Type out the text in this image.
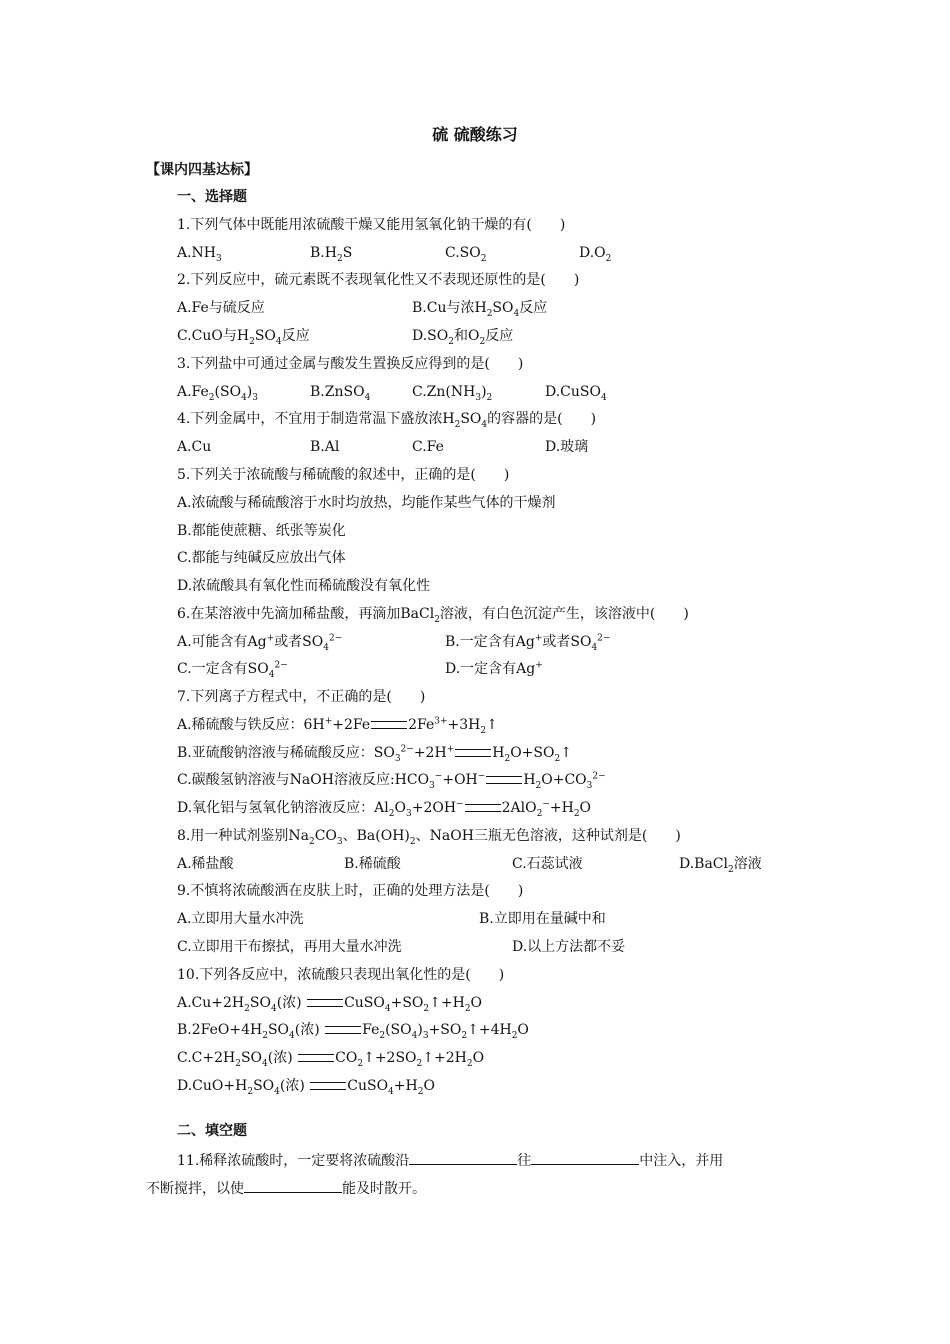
硫 硫酸练习
【课内四基达标】
一、选择题
1.下列气体中既能用浓硫酸干燥又能用氢氧化钠干燥的有(　　)
$A.NH_3$	$B.H_2S$	$C.SO_2$	$D.O_2$
2.下列反应中，硫元素既不表现氧化性又不表现还原性的是(　　)
A.Fe与硫反应	B.Cu与浓$H_2SO_4$反应
C.CuO与$H_2SO_4$反应	$D.SO_2$和$O_2$反应
3.下列盐中可通过金属与酸发生置换反应得到的是(　　)
$A.Fe_2(SO_4)_3$	B.ZnSO$_4$	$C.Zn(NH_3)_2$	D.CuSO$_4$
4.下列金属中，不宜用于制造常温下盛放浓$H_2SO_4$的容器的是(　　)
A.Cu	B.Al	C.Fe	D.玻璃
5.下列关于浓硫酸与稀硫酸的叙述中，正确的是(　　)
A.浓硫酸与稀硫酸溶于水时均放热，均能作某些气体的干燥剂
B.都能使蔗糖、纸张等炭化
C.都能与纯碱反应放出气体
D.浓硫酸具有氧化性而稀硫酸没有氧化性
6.在某溶液中先滴加稀盐酸，再滴加BaCl$_2$溶液，有白色沉淀产生，该溶液中(　　)
A.可能含有Ag+或者$SO_4^{2-}$	B.一定含有Ag+或者$SO_4^{2-}$
C.一定含有$SO_4^{2-}$	D.一定含有Ag+
7.下列离子方程式中，不正确的是(　　)
A.稀硫酸与铁反应：6H++2Fe	$2Fe^{3+}+3H_2↑$
B.亚硫酸钠溶液与稀硫酸反应：$SO_3^{2-}+2H^+$	$H_2O+SO_2↑$
C.碳酸氢钠溶液与NaOH溶液反应$:HCO_3^-+OH^-$	$H_2O+CO_3^{2-}$
D.氧化铝与氢氧化钠溶液反应：$Al_2O_3+2OH^-$	$2AlO_2^-+H_2O$
8.用一种试剂鉴别$Na_2CO_3$、$Ba(OH)_2$、NaOH三瓶无色溶液，这种试剂是(　　)
A.稀盐酸	B.稀硫酸	C.石蕊试液	D.BaCl$_2$溶液
9.不慎将浓硫酸洒在皮肤上时，正确的处理方法是(　　)
A.立即用大量水冲洗	B.立即用在量碱中和
C.立即用干布擦拭，再用大量水冲洗	D.以上方法都不妥
10.下列各反应中，浓硫酸只表现出氧化性的是(　　)
$A.Cu+2H_2SO_4$(浓)	$CuSO_4+SO_2↑+H_2O$
$B.2FeO+4H_2SO_4$(浓)	$Fe_2(SO_4)_3+SO_2↑+4H_2O$
$C.C+2H_2SO_4$(浓)	$CO_2↑+2SO_2↑+2H_2O$
$D.CuO+H_2SO_4$(浓)	$CuSO_4+H_2O$
二、填空题
11.稀释浓硫酸时，一定要将浓硫酸沿	往	中注入，并用
不断搅拌，以使	能及时散开。
